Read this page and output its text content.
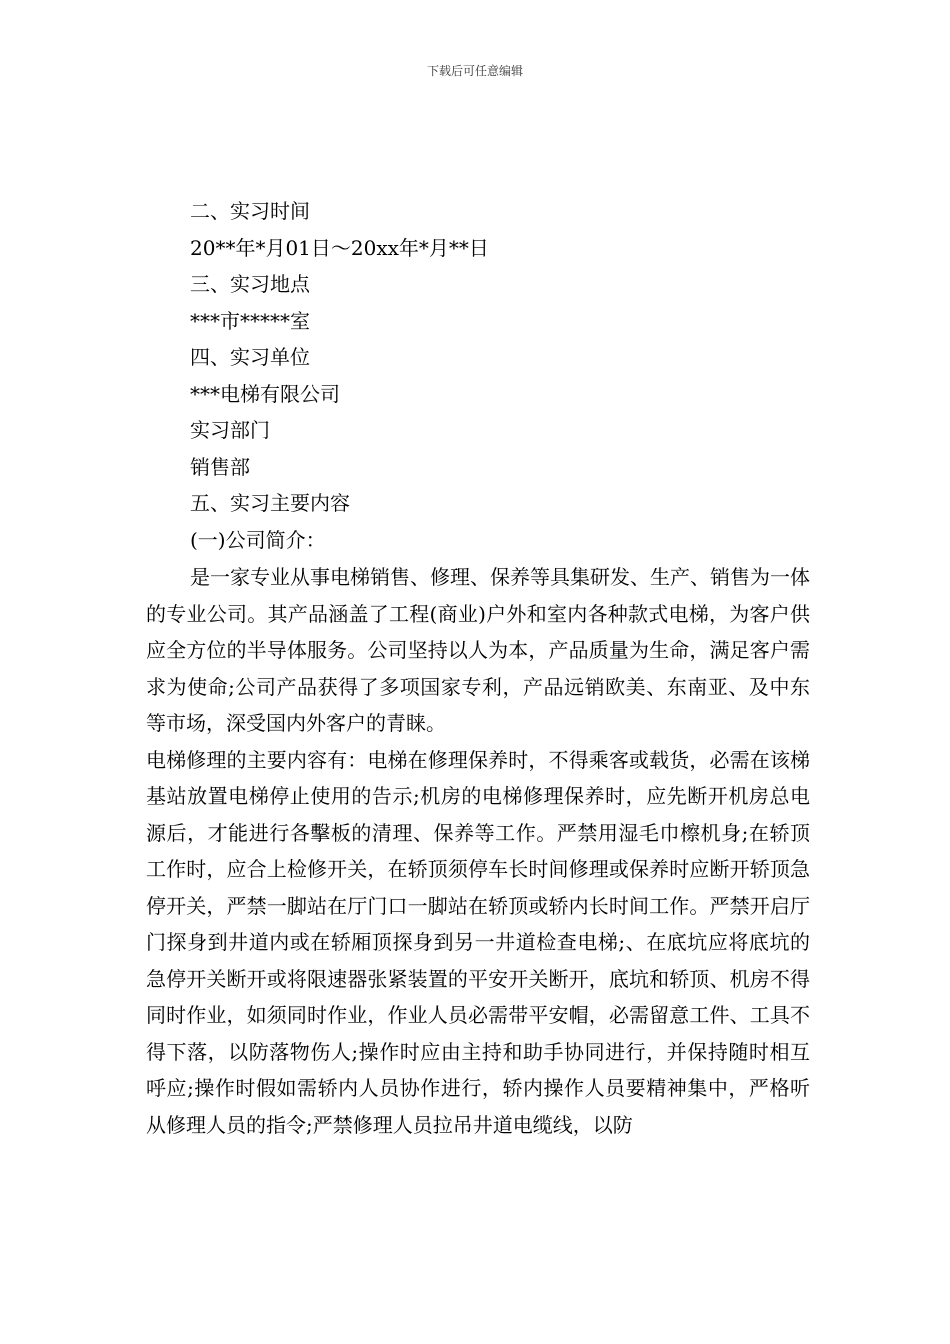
下载后可任意编辑
二、实习时间
20**年*月01日～20xx年*月**日
三、实习地点
***市*****室
四、实习单位
***电梯有限公司
实习部门
销售部
五、实习主要内容
(一)公司简介：
是一家专业从事电梯销售、修理、保养等具集研发、生产、销售为一体的专业公司。其产品涵盖了工程(商业)户外和室内各种款式电梯，为客户供应全方位的半导体服务。公司坚持以人为本，产品质量为生命，满足客户需求为使命;公司产品获得了多项国家专利，产品远销欧美、东南亚、及中东等市场，深受国内外客户的青睐。
电梯修理的主要内容有：电梯在修理保养时，不得乘客或载货，必需在该梯基站放置电梯停止使用的告示;机房的电梯修理保养时，应先断开机房总电源后，才能进行各擊板的清理、保养等工作。严禁用湿毛巾檫机身;在轿顶工作时，应合上检修开关，在轿顶须停车长时间修理或保养时应断开轿顶急停开关，严禁一脚站在厅门口一脚站在轿顶或轿内长时间工作。严禁开启厅门探身到井道内或在轿厢顶探身到另一井道检查电梯;、在底坑应将底坑的急停开关断开或将限速器张紧装置的平安开关断开，底坑和轿顶、机房不得同时作业，如须同时作业，作业人员必需带平安帽，必需留意工件、工具不得下落，以防落物伤人;操作时应由主持和助手协同进行，并保持随时相互呼应;操作时假如需轿内人员协作进行，轿内操作人员要精神集中，严格听从修理人员的指令;严禁修理人员拉吊井道电缆线，以防
